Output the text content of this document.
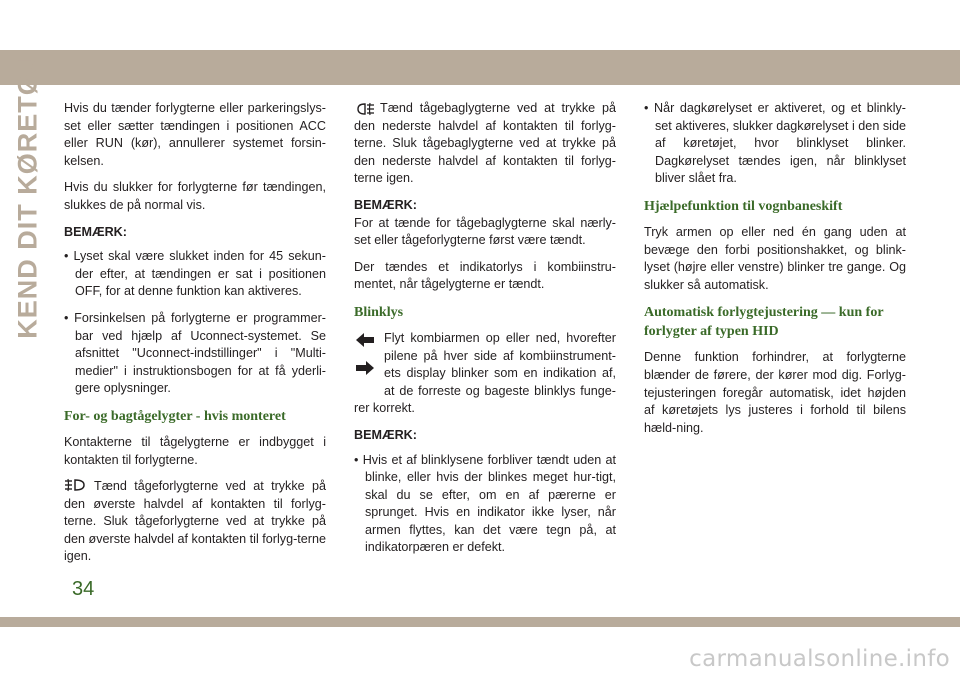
KEND DIT KØRETØJ Hvis du tænder forlygterne eller parkeringslys-set eller sætter tændingen i positionen ACC eller RUN (kør), annullerer systemet forsin-kelsen.

Hvis du slukker for forlygterne før tændingen, slukkes de på normal vis.

BEMÆRK:

• Lyset skal være slukket inden for 45 sekun-der efter, at tændingen er sat i positionen OFF, for at denne funktion kan aktiveres.

• Forsinkelsen på forlygterne er programmer-bar ved hjælp af Uconnect-systemet. Se afsnittet "Uconnect-indstillinger" i "Multi-medier" i instruktionsbogen for at få yderli-gere oplysninger.

For- og bagtågelygter - hvis monteret

Kontakterne til tågelygterne er indbygget i kontakten til forlygterne.

Tænd tågeforlygterne ved at trykke på den øverste halvdel af kontakten til forlyg-terne. Sluk tågeforlygterne ved at trykke på den øverste halvdel af kontakten til forlyg-terne igen.

Tænd tågebaglygterne ved at trykke på den nederste halvdel af kontakten til forlyg-terne. Sluk tågebaglygterne ved at trykke på den nederste halvdel af kontakten til forlyg-terne igen.

BEMÆRK:

For at tænde for tågebaglygterne skal nærly-set eller tågeforlygterne først være tændt.

Der tændes et indikatorlys i kombiinstru-mentet, når tågelygterne er tændt.

Blinklys

Flyt kombiarmen op eller ned, hvorefter pilene på hver side af kombiinstrument-ets display blinker som en indikation af, at de forreste og bageste blinklys funge-rer korrekt.

BEMÆRK:

• Hvis et af blinklysene forbliver tændt uden at blinke, eller hvis der blinkes meget hur-tigt, skal du se efter, om en af pærerne er sprunget. Hvis en indikator ikke lyser, når armen flyttes, kan det være tegn på, at indikatorpæren er defekt.

• Når dagkørelyset er aktiveret, og et blinkly-set aktiveres, slukker dagkørelyset i den side af køretøjet, hvor blinklyset blinker. Dagkørelyset tændes igen, når blinklyset bliver slået fra.

Hjælpefunktion til vognbaneskift

Tryk armen op eller ned én gang uden at bevæge den forbi positionshakket, og blink-lyset (højre eller venstre) blinker tre gange. Og slukker så automatisk.

Automatisk forlygtejustering — kun for forlygter af typen HID

Denne funktion forhindrer, at forlygterne blænder de førere, der kører mod dig. Forlyg-tejusteringen foregår automatisk, idet højden af køretøjets lys justeres i forhold til bilens hæld-ning.

34
carmanualsonline.info
